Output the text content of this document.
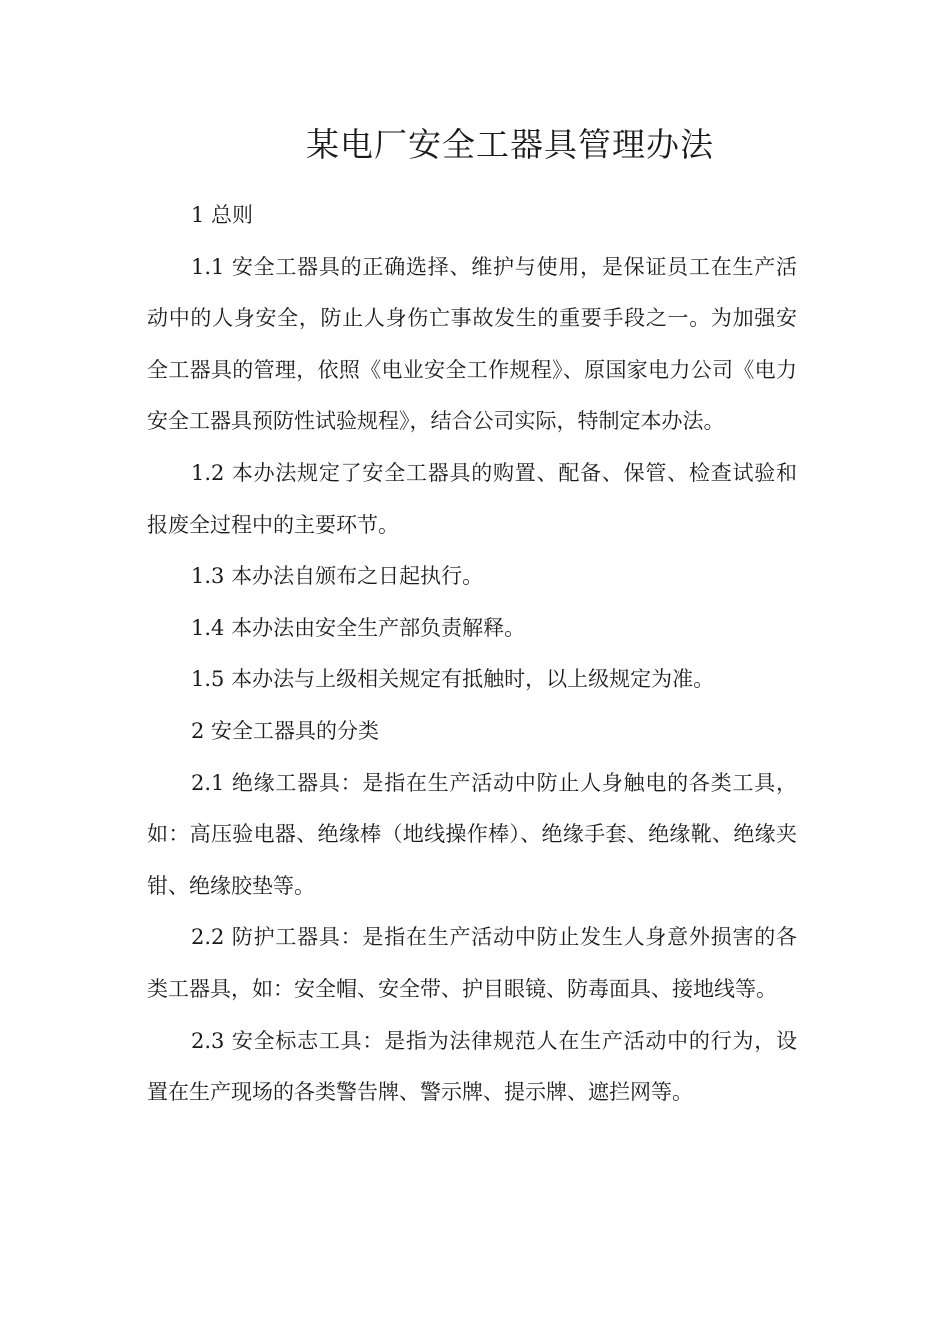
某电厂安全工器具管理办法

1 总则

1.1 安全工器具的正确选择、维护与使用，是保证员工在生产活动中的人身安全，防止人身伤亡事故发生的重要手段之一。为加强安全工器具的管理，依照《电业安全工作规程》、原国家电力公司《电力安全工器具预防性试验规程》，结合公司实际，特制定本办法。

1.2 本办法规定了安全工器具的购置、配备、保管、检查试验和报废全过程中的主要环节。

1.3 本办法自颁布之日起执行。

1.4 本办法由安全生产部负责解释。

1.5 本办法与上级相关规定有抵触时，以上级规定为准。

2 安全工器具的分类

2.1 绝缘工器具：是指在生产活动中防止人身触电的各类工具，如：高压验电器、绝缘棒（地线操作棒）、绝缘手套、绝缘靴、绝缘夹钳、绝缘胶垫等。

2.2 防护工器具：是指在生产活动中防止发生人身意外损害的各类工器具，如：安全帽、安全带、护目眼镜、防毒面具、接地线等。

2.3 安全标志工具：是指为法律规范人在生产活动中的行为，设置在生产现场的各类警告牌、警示牌、提示牌、遮拦网等。
